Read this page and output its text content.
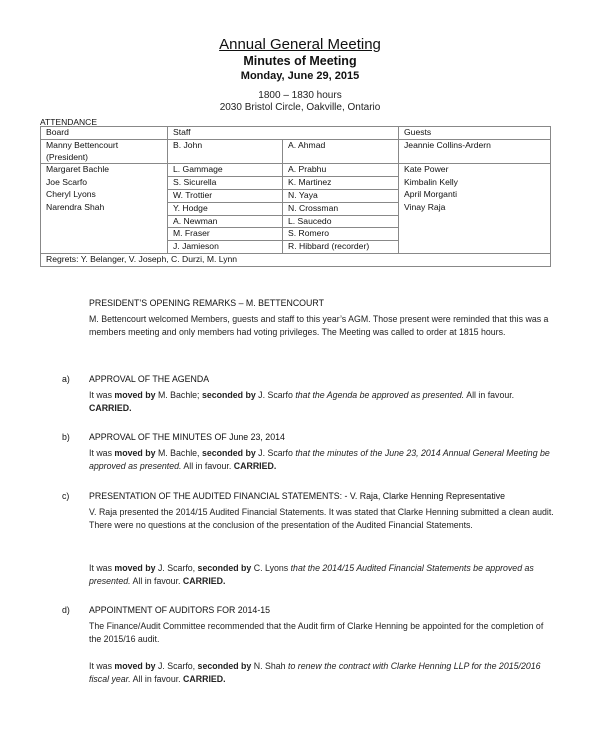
Annual General Meeting
Minutes of Meeting
Monday, June 29, 2015
1800 – 1830 hours
2030 Bristol Circle, Oakville, Ontario
ATTENDANCE
Board	Staff		Guests
Manny Bettencourt	B. John	A. Ahmad	Jeannie Collins-Ardern
(President)			
Margaret Bachle	L. Gammage	A. Prabhu	Kate Power
Joe Scarfo	S. Sicurella	K. Martinez	Kimbalin Kelly
Cheryl Lyons	W. Trottier	N. Yaya	April Morganti
Narendra Shah	Y. Hodge	N. Crossman	Vinay Raja
	A. Newman	L. Saucedo	
	M. Fraser	S. Romero	
	J. Jamieson	R. Hibbard (recorder)	
Regrets: Y. Belanger, V. Joseph, C. Durzi, M. Lynn			
PRESIDENT’S OPENING REMARKS – M. BETTENCOURT
M. Bettencourt welcomed Members, guests and staff to this year’s AGM. Those present were reminded that this was a members meeting and only members had voting privileges. The Meeting was called to order at 1815 hours.
a) APPROVAL OF THE AGENDA
It was moved by M. Bachle; seconded by J. Scarfo that the Agenda be approved as presented. All in favour. CARRIED.
b) APPROVAL OF THE MINUTES OF June 23, 2014
It was moved by M. Bachle, seconded by J. Scarfo that the minutes of the June 23, 2014 Annual General Meeting be approved as presented. All in favour. CARRIED.
c) PRESENTATION OF THE AUDITED FINANCIAL STATEMENTS: - V. Raja, Clarke Henning Representative
V. Raja presented the 2014/15 Audited Financial Statements. It was stated that Clarke Henning submitted a clean audit. There were no questions at the conclusion of the presentation of the Audited Financial Statements.
It was moved by J. Scarfo, seconded by C. Lyons that the 2014/15 Audited Financial Statements be approved as presented. All in favour. CARRIED.
d) APPOINTMENT OF AUDITORS FOR 2014-15
The Finance/Audit Committee recommended that the Audit firm of Clarke Henning be appointed for the completion of the 2015/16 audit.
It was moved by J. Scarfo, seconded by N. Shah to renew the contract with Clarke Henning LLP for the 2015/2016 fiscal year. All in favour. CARRIED.
